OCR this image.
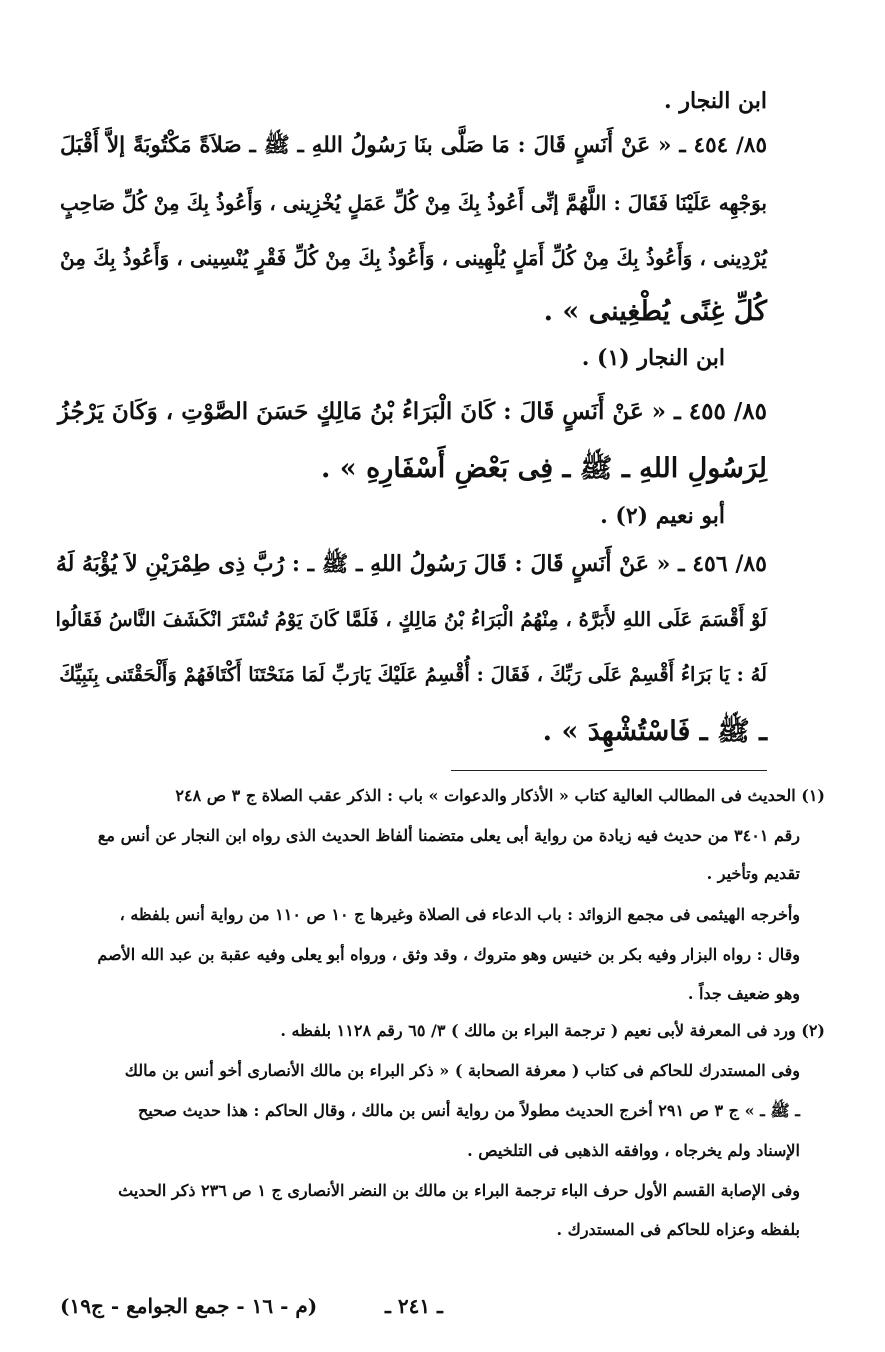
ابن النجار .
٨٥/ ٤٥٤ ـ « عَنْ أَنَسٍ قَالَ : مَا صَلَّى بنَا رَسُولُ اللهِ ـ ﷺ ـ صَلاَةً مَكْتُوبَةً إلاَّ أَقْبَلَ
بوَجْهِه عَلَيْنَا فَقَالَ : اللَّهُمَّ إنِّى أَعُوذُ بِكَ مِنْ كُلِّ عَمَلٍ يُخْزِينى ، وَأَعُوذُ بِكَ مِنْ كُلِّ صَاحِبٍ
يُرْدِينى ، وَأَعُوذُ بِكَ مِنْ كُلِّ أَمَلٍ يُلْهِينى ، وَأَعُوذُ بِكَ مِنْ كُلِّ فَقْرٍ يُنْسِينى ، وَأَعُوذُ بِكَ مِنْ
كُلِّ غِنًى يُطْغِينى » .
ابن النجار (١) .
٨٥/ ٤٥٥ ـ « عَنْ أَنَسٍ قَالَ : كَانَ الْبَرَاءُ بْنُ مَالِكٍ حَسَنَ الصَّوْتِ ، وَكَانَ يَرْجُزُ
لِرَسُولِ اللهِ ـ ﷺ ـ فِى بَعْضِ أَسْفَارِهِ » .
أبو نعيم (٢) .
٨٥/ ٤٥٦ ـ « عَنْ أَنَسٍ قَالَ : قَالَ رَسُولُ اللهِ ـ ﷺ ـ : رُبَّ ذِى طِمْرَيْنِ لاَ يُؤْبَهُ لَهُ
لَوْ أَقْسَمَ عَلَى اللهِ لأَبَرَّهُ ، مِنْهُمُ الْبَرَاءُ بْنُ مَالِكٍ ، فَلَمَّا كَانَ يَوْمُ تُسْتَرَ انْكَشَفَ النَّاسُ فَقَالُوا
لَهُ : يَا بَرَاءُ أَقْسِمْ عَلَى رَبِّكَ ، فَقَالَ : أُقْسِمُ عَلَيْكَ يَارَبِّ لَمَا مَنَحْتَنَا أَكْتَافَهُمْ وَأَلْحَقْتَنى بِنَبِيِّكَ
ـ ﷺ ـ فَاسْتُشْهِدَ » .
(١) الحديث فى المطالب العالية كتاب « الأذكار والدعوات » باب : الذكر عقب الصلاة ج ٣ ص ٢٤٨
رقم ٣٤٠١ من حديث فيه زيادة من رواية أبى يعلى متضمنا ألفاظ الحديث الذى رواه ابن النجار عن أنس مع
تقديم وتأخير .
وأخرجه الهيثمى فى مجمع الزوائد : باب الدعاء فى الصلاة وغيرها ج ١٠ ص ١١٠ من رواية أنس بلفظه ،
وقال : رواه البزار وفيه بكر بن خنيس وهو متروك ، وقد وثق ، ورواه أبو يعلى وفيه عقبة بن عبد الله الأصم
وهو ضعيف جداً .
(٢) ورد فى المعرفة لأبى نعيم ( ترجمة البراء بن مالك ) ٣/ ٦٥ رقم ١١٢٨ بلفظه .
وفى المستدرك للحاكم فى كتاب ( معرفة الصحابة ) « ذكر البراء بن مالك الأنصارى أخو أنس بن مالك
ـ ﷺ ـ » ج ٣ ص ٢٩١ أخرج الحديث مطولاً من رواية أنس بن مالك ، وقال الحاكم : هذا حديث صحيح
الإسناد ولم يخرجاه ، ووافقه الذهبى فى التلخيص .
وفى الإصابة القسم الأول حرف الباء ترجمة البراء بن مالك بن النضر الأنصارى ج ١ ص ٢٣٦ ذكر الحديث
بلفظه وعزاه للحاكم فى المستدرك .
ـ ٢٤١ ـ
(م - ١٦ - جمع الجوامع - ج١٩)
